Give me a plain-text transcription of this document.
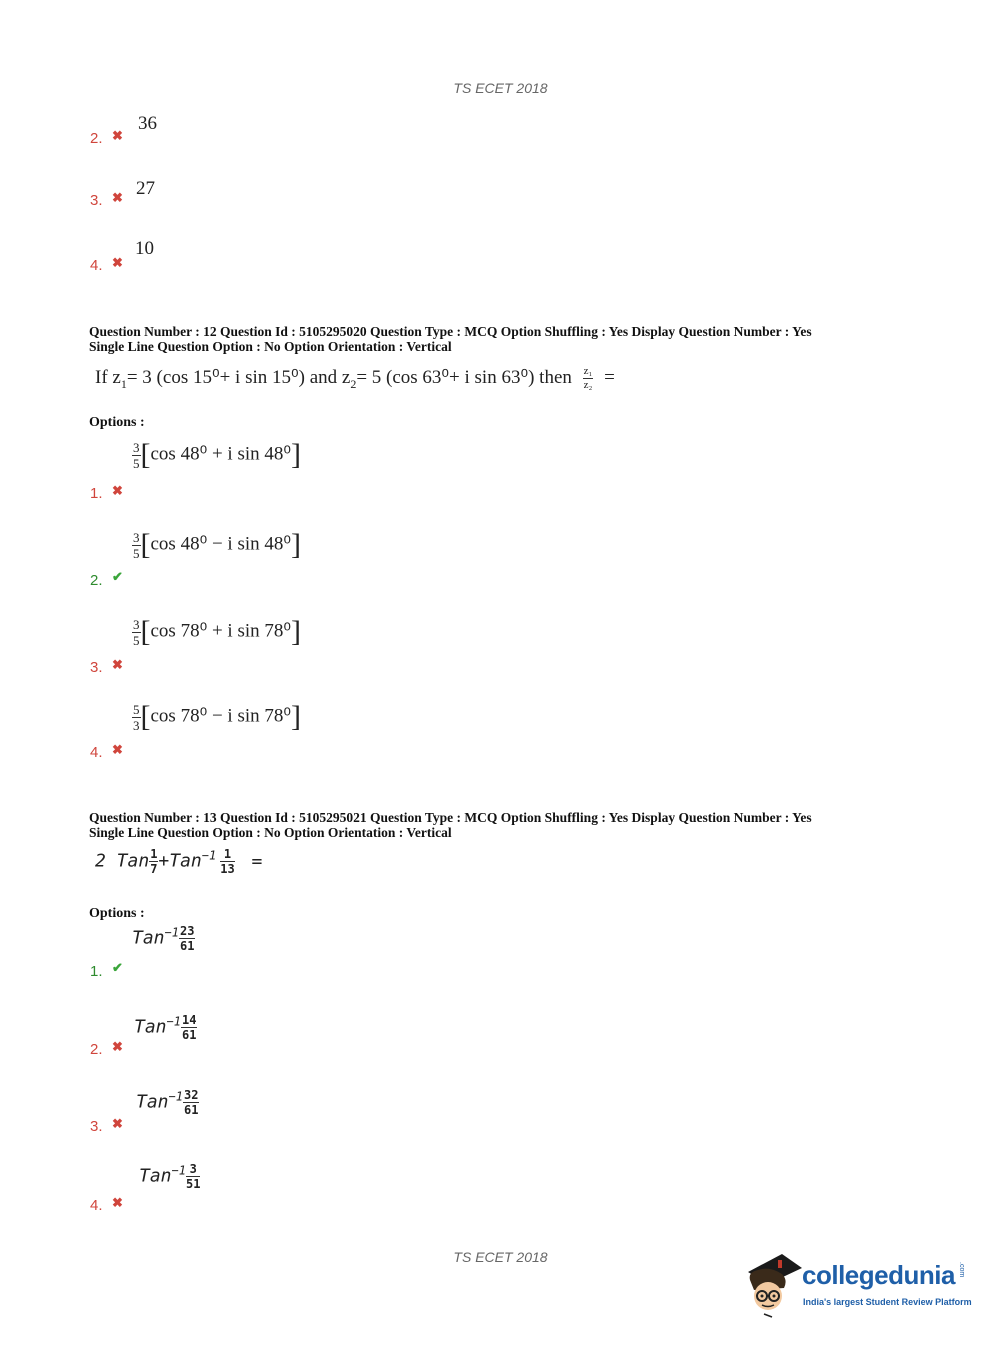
TS ECET 2018
2. ✖
36
3. ✖ 27
4. ✖
10
Question Number : 12 Question Id : 5105295020 Question Type : MCQ Option Shuffling : Yes Display Question Number : Yes
Single Line Question Option : No Option Orientation : Vertical
If $z_1= 3$ (cos 15⁰+ i sin 15⁰) and $z_2= 5$ (cos 63⁰+ i sin 63⁰) then $\frac{\text{z₁}}{\text{z₂}}$ =
Options :
1. ✖
$\frac{3}{5} [\cos$ 48⁰ + i sin 48⁰]
2. ✔
$\frac{3}{5} [\cos$ 48⁰ − i sin 48⁰]
3. ✖
$\frac{3}{5} [\cos$ 78⁰ + i sin 78⁰]
4. ✖
$\frac{5}{3} [\cos$ 78⁰ − i sin 78⁰]
Question Number : 13 Question Id : 5105295021 Question Type : MCQ Option Shuffling : Yes Display Question Number : Yes
Single Line Question Option : No Option Orientation : Vertical
2 Tan $\frac{1}{7} +Tan^{-1} \frac{1}{13}$ =
Options :
1. ✔
$Tan^{-1} \frac{23}{61}$
2. ✖
$Tan^{-1} \frac{14}{61}$
3. ✖
$Tan^{-1} \frac{32}{61}$
4. ✖
$Tan^{-1} \frac{3}{51}$
TS ECET 2018
collegedunia .com
India's largest Student Review Platform
